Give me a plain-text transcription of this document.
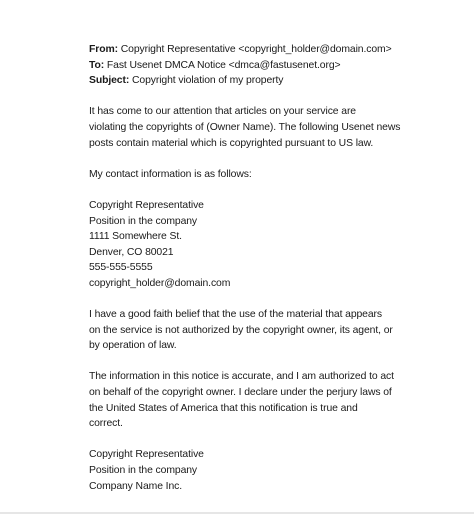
From: Copyright Representative <copyright_holder@domain.com>
To: Fast Usenet DMCA Notice <dmca@fastusenet.org>
Subject: Copyright violation of my property
It has come to our attention that articles on your service are
violating the copyrights of (Owner Name). The following Usenet news
posts contain material which is copyrighted pursuant to US law.
My contact information is as follows:
Copyright Representative
Position in the company
1111 Somewhere St.
Denver, CO 80021
555-555-5555
copyright_holder@domain.com
I have a good faith belief that the use of the material that appears
on the service is not authorized by the copyright owner, its agent, or
by operation of law.
The information in this notice is accurate, and I am authorized to act
on behalf of the copyright owner. I declare under the perjury laws of
the United States of America that this notification is true and
correct.
Copyright Representative
Position in the company
Company Name Inc.
